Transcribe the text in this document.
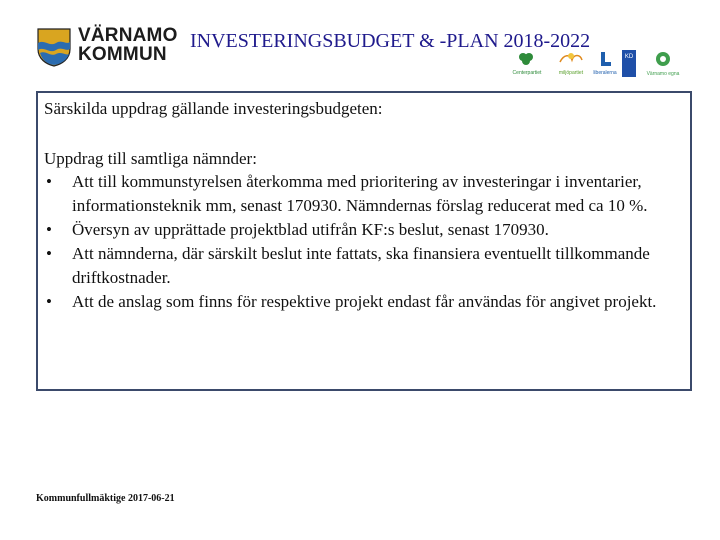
VÄRNAMO
KOMMUN
INVESTERINGSBUDGET & -PLAN 2018-2022
Centerpartiet	miljöpartiet	liberalerna
KD
Värnamo egna
Särskilda uppdrag gällande investeringsbudgeten:
Uppdrag till samtliga nämnder:
• Att till kommunstyrelsen återkomma med prioritering av investeringar i inventarier, informationsteknik mm, senast 170930. Nämndernas förslag reducerat med ca 10 %.
• Översyn av upprättade projektblad utifrån KF:s beslut, senast 170930.
• Att nämnderna, där särskilt beslut inte fattats, ska finansiera eventuellt tillkommande driftkostnader.
• Att de anslag som finns för respektive projekt endast får användas för angivet projekt.
Kommunfullmäktige 2017-06-21
